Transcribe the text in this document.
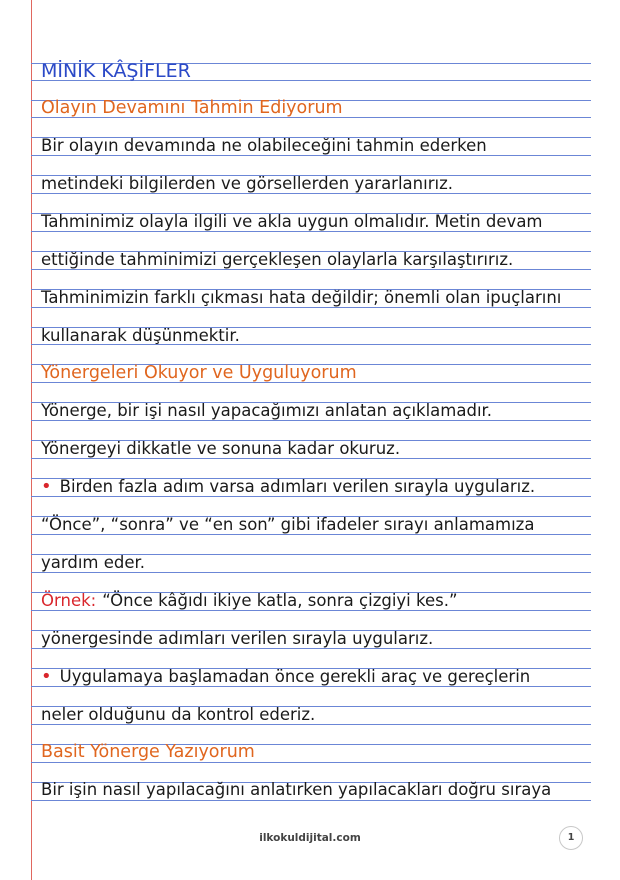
MİNİK KÂŞİFLER
Olayın Devamını Tahmin Ediyorum
Bir olayın devamında ne olabileceğini tahmin ederken
metindeki bilgilerden ve görsellerden yararlanırız.
Tahminimiz olayla ilgili ve akla uygun olmalıdır. Metin devam
ettiğinde tahminimizi gerçekleşen olaylarla karşılaştırırız.
Tahminimizin farklı çıkması hata değildir; önemli olan ipuçlarını
kullanarak düşünmektir.
Yönergeleri Okuyor ve Uyguluyorum
Yönerge, bir işi nasıl yapacağımızı anlatan açıklamadır.
Yönergeyi dikkatle ve sonuna kadar okuruz.
• Birden fazla adım varsa adımları verilen sırayla uygularız.
“Önce”, “sonra” ve “en son” gibi ifadeler sırayı anlamamıza
yardım eder.
Örnek: “Önce kâğıdı ikiye katla, sonra çizgiyi kes.”
yönergesinde adımları verilen sırayla uygularız.
• Uygulamaya başlamadan önce gerekli araç ve gereçlerin
neler olduğunu da kontrol ederiz.
Basit Yönerge Yazıyorum
Bir işin nasıl yapılacağını anlatırken yapılacakları doğru sıraya
ilkokuldijital.com	1
